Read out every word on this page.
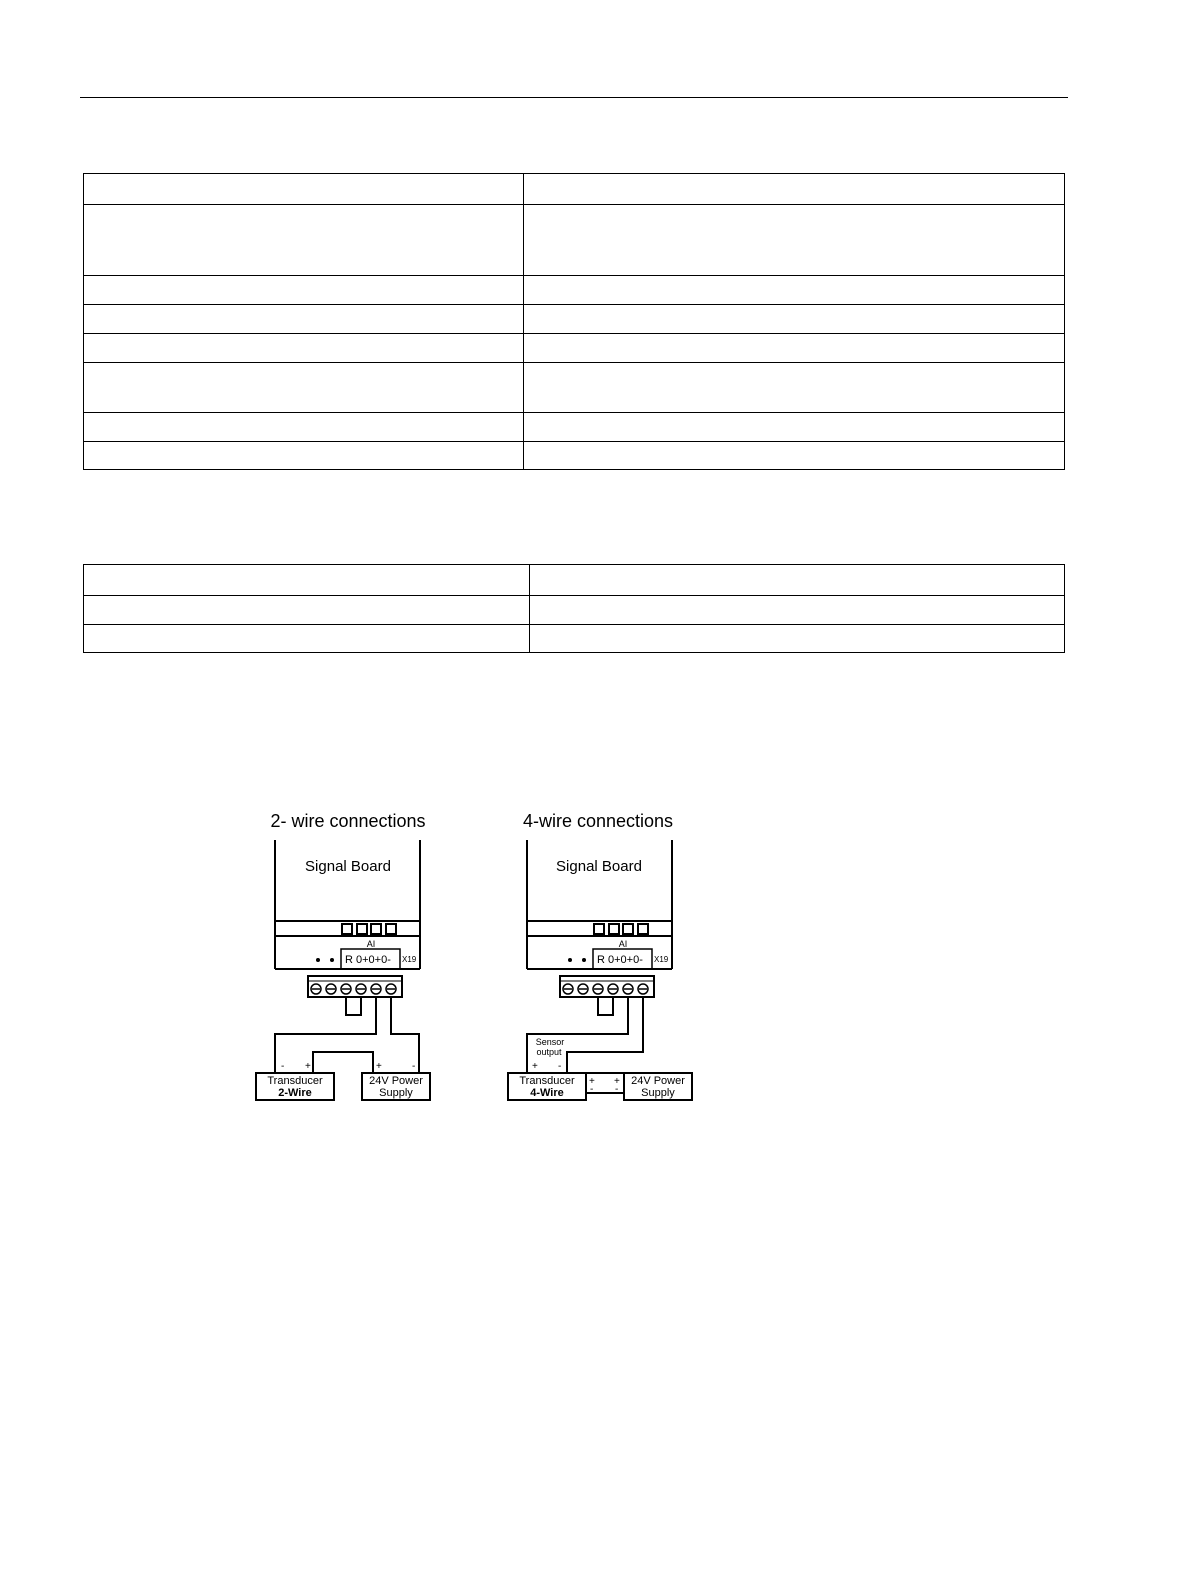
2- wire connections
Signal Board
AI
R 0+0+0- X19
- +	+	-
Transducer
2-Wire
24V Power
Supply
4-wire connections
Signal Board
AI
R 0+0+0- X19
Sensor
output
+ -
+
-
+
-
Transducer
4-Wire
24V Power
Supply
